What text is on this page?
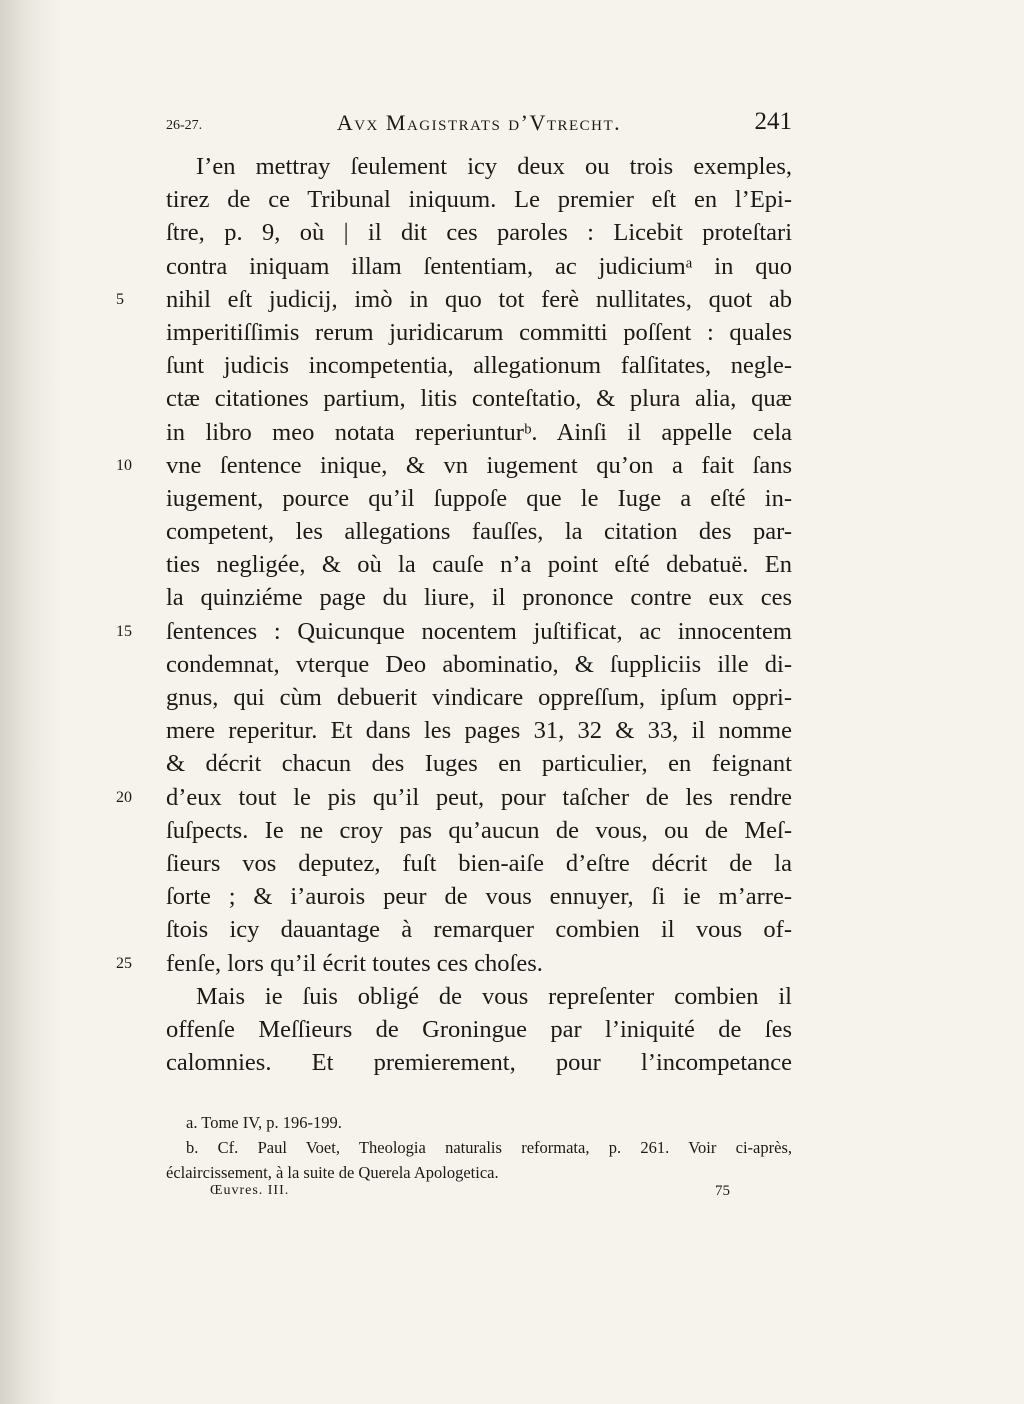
26-27.	Avx Magistrats d’Vtrecht.	241
I’en mettray ſeulement icy deux ou trois exemples,
tirez de ce Tribunal iniquum. Le premier eſt en l’Epi-
ſtre, p. 9, où | il dit ces paroles : Licebit proteſtari
contra iniquam illam ſententiam, ac judiciumᵃ in quo
5	nihil eſt judicij, imò in quo tot ferè nullitates, quot ab
imperitiſſimis rerum juridicarum committi poſſent : quales
ſunt judicis incompetentia, allegationum falſitates, negle-
ctæ citationes partium, litis conteſtatio, & plura alia, quæ
in libro meo notata reperiunturᵇ. Ainſi il appelle cela
10	vne ſentence inique, & vn iugement qu’on a fait ſans
iugement, pource qu’il ſuppoſe que le Iuge a eſté in-
competent, les allegations fauſſes, la citation des par-
ties negligée, & où la cauſe n’a point eſté debatuë. En
la quinziéme page du liure, il prononce contre eux ces
15	ſentences : Quicunque nocentem juſtificat, ac innocentem
condemnat, vterque Deo abominatio, & ſuppliciis ille di-
gnus, qui cùm debuerit vindicare oppreſſum, ipſum oppri-
mere reperitur. Et dans les pages 31, 32 & 33, il nomme
& décrit chacun des Iuges en particulier, en feignant
20	d’eux tout le pis qu’il peut, pour taſcher de les rendre
ſuſpects. Ie ne croy pas qu’aucun de vous, ou de Meſ-
ſieurs vos deputez, fuſt bien-aiſe d’eſtre décrit de la
ſorte ; & i’aurois peur de vous ennuyer, ſi ie m’arre-
ſtois icy dauantage à remarquer combien il vous of-
25	fenſe, lors qu’il écrit toutes ces choſes.
Mais ie ſuis obligé de vous repreſenter combien il
offenſe Meſſieurs de Groningue par l’iniquité de ſes
calomnies. Et premierement, pour l’incompetance
a. Tome IV, p. 196-199.
b. Cf. Paul Voet, Theologia naturalis reformata, p. 261. Voir ci-après,
éclaircissement, à la suite de Querela Apologetica.
Œuvres. III.	75
